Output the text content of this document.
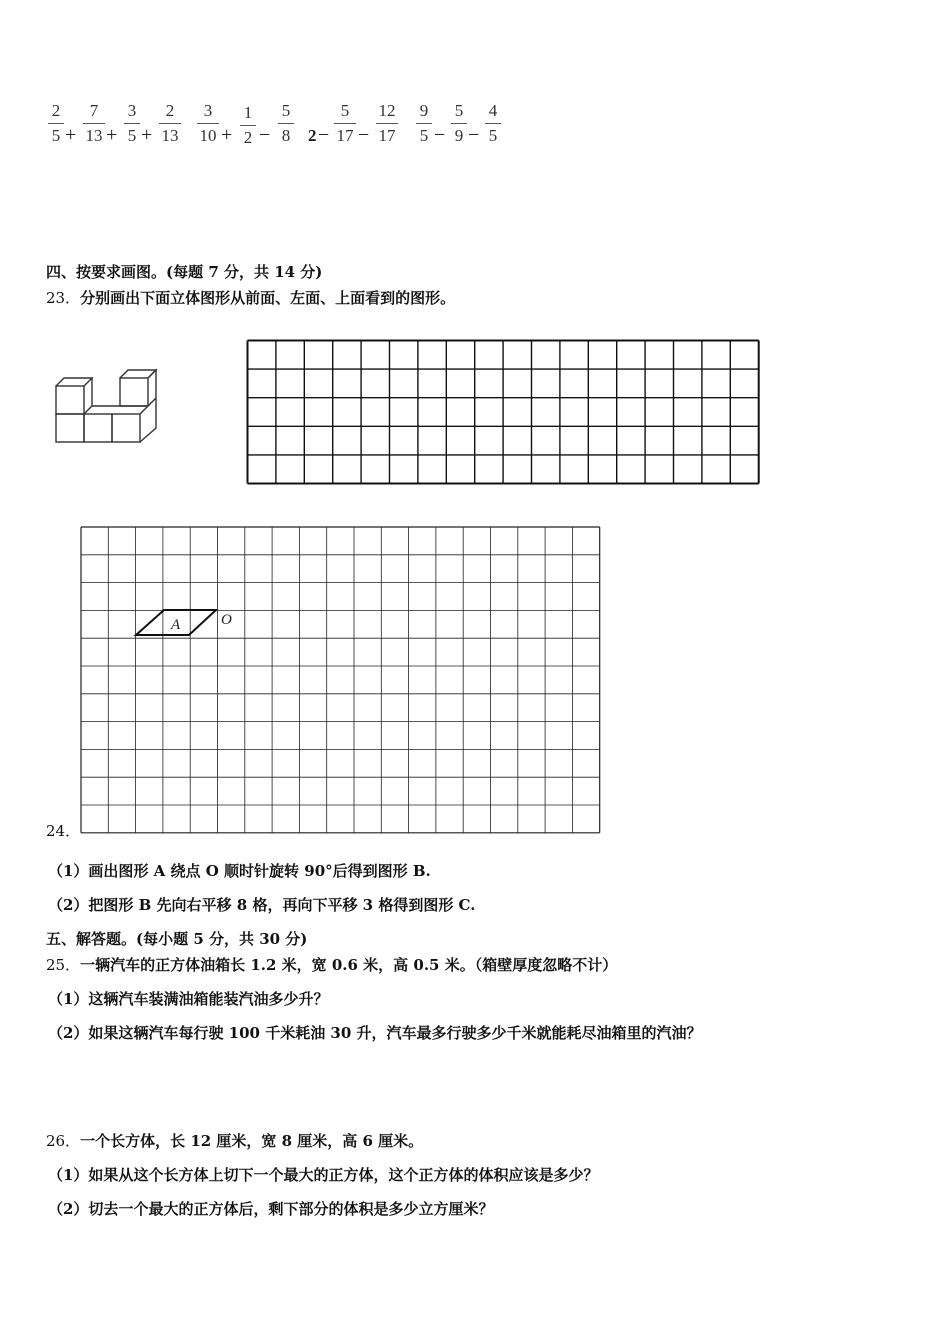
2
5 +
7
13 +
3
5 +
2
13
3
10 +
1
2 −
5
8 2 −
5
17 −
12
17
9
5 −
5
9 −
4
5
四、按要求画图。(每题 7 分，共 14 分)
23．分别画出下面立体图形从前面、左面、上面看到的图形。
24．
A	O
（1）画出图形 A 绕点 O 顺时针旋转 90°后得到图形 B.
（2）把图形 B 先向右平移 8 格，再向下平移 3 格得到图形 C.
五、解答题。(每小题 5 分，共 30 分)
25．一辆汽车的正方体油箱长 1.2 米，宽 0.6 米，高 0.5 米。（箱壁厚度忽略不计）
（1）这辆汽车装满油箱能装汽油多少升？
（2）如果这辆汽车每行驶 100 千米耗油 30 升，汽车最多行驶多少千米就能耗尽油箱里的汽油？
26．一个长方体，长 12 厘米，宽 8 厘米，高 6 厘米。
（1）如果从这个长方体上切下一个最大的正方体，这个正方体的体积应该是多少？
（2）切去一个最大的正方体后，剩下部分的体积是多少立方厘米？
